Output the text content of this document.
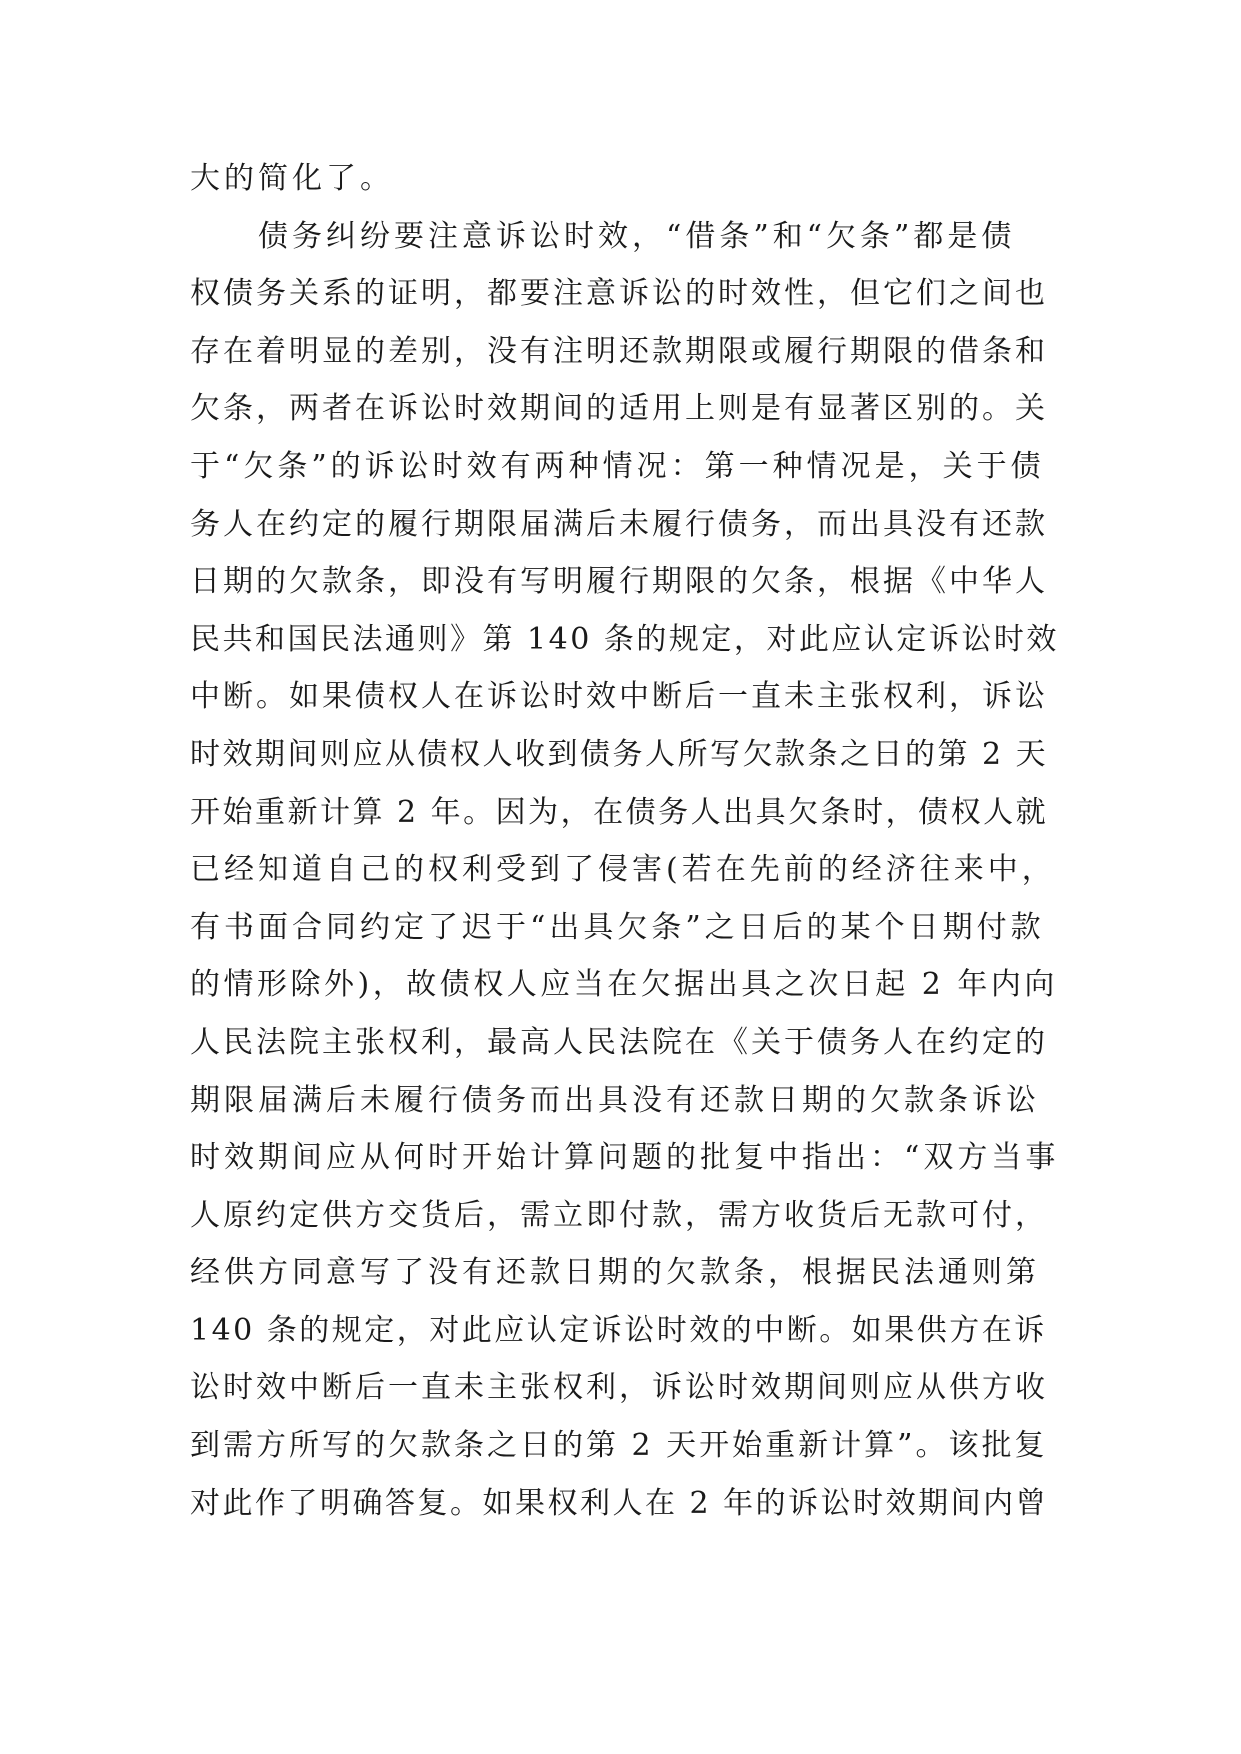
大的简化了。
债务纠纷要注意诉讼时效，“借条”和“欠条”都是债
权债务关系的证明，都要注意诉讼的时效性，但它们之间也
存在着明显的差别，没有注明还款期限或履行期限的借条和
欠条，两者在诉讼时效期间的适用上则是有显著区别的。关
于“欠条”的诉讼时效有两种情况：第一种情况是，关于债
务人在约定的履行期限届满后未履行债务，而出具没有还款
日期的欠款条，即没有写明履行期限的欠条，根据《中华人
民共和国民法通则》第 140 条的规定，对此应认定诉讼时效
中断。如果债权人在诉讼时效中断后一直未主张权利，诉讼
时效期间则应从债权人收到债务人所写欠款条之日的第 2 天
开始重新计算 2 年。因为，在债务人出具欠条时，债权人就
已经知道自己的权利受到了侵害(若在先前的经济往来中，
有书面合同约定了迟于“出具欠条”之日后的某个日期付款
的情形除外)，故债权人应当在欠据出具之次日起 2 年内向
人民法院主张权利，最高人民法院在《关于债务人在约定的
期限届满后未履行债务而出具没有还款日期的欠款条诉讼
时效期间应从何时开始计算问题的批复中指出：“双方当事
人原约定供方交货后，需立即付款，需方收货后无款可付，
经供方同意写了没有还款日期的欠款条，根据民法通则第
140 条的规定，对此应认定诉讼时效的中断。如果供方在诉
讼时效中断后一直未主张权利，诉讼时效期间则应从供方收
到需方所写的欠款条之日的第 2 天开始重新计算”。该批复
对此作了明确答复。如果权利人在 2 年的诉讼时效期间内曾
